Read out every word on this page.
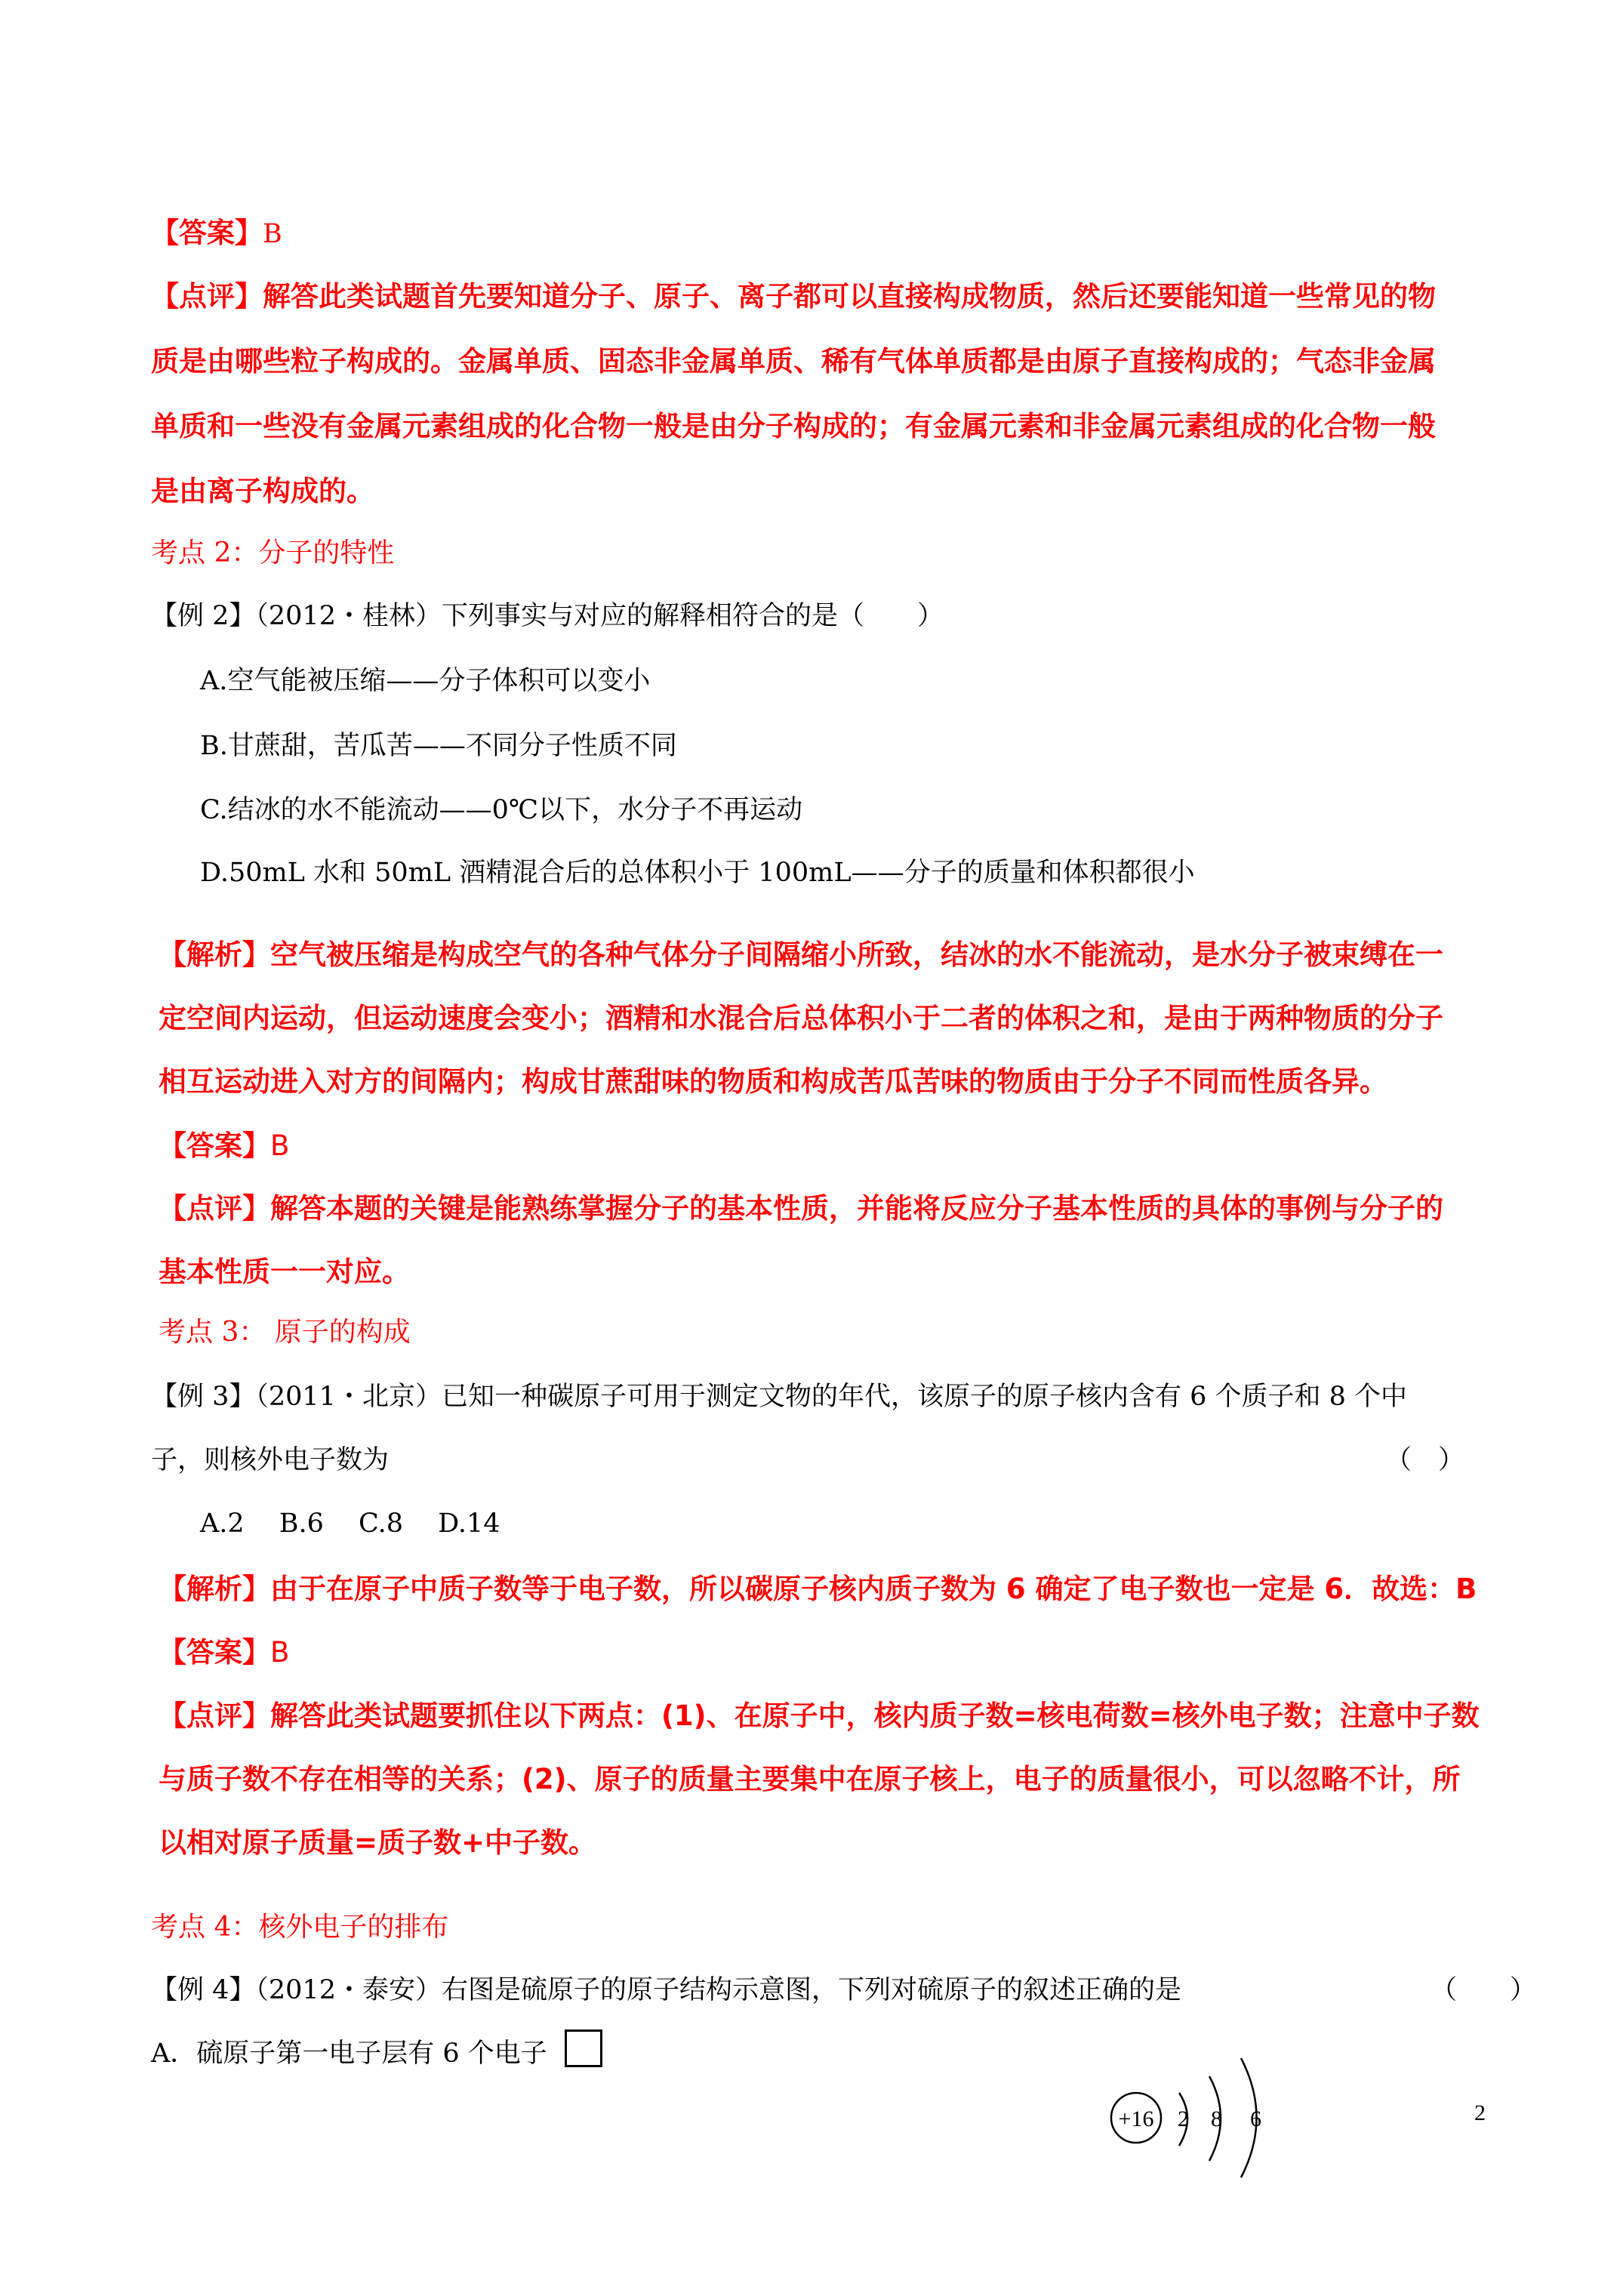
【答案】B
【点评】解答此类试题首先要知道分子、原子、离子都可以直接构成物质，然后还要能知道一些常见的物
质是由哪些粒子构成的。金属单质、固态非金属单质、稀有气体单质都是由原子直接构成的；气态非金属
单质和一些没有金属元素组成的化合物一般是由分子构成的；有金属元素和非金属元素组成的化合物一般
是由离子构成的。
考点 2：分子的特性
【例 2】（2012・桂林）下列事实与对应的解释相符合的是（　　）
A.空气能被压缩——分子体积可以变小
B.甘蔗甜，苦瓜苦——不同分子性质不同
C.结冰的水不能流动——0℃以下，水分子不再运动
D.50mL 水和 50mL 酒精混合后的总体积小于 100mL——分子的质量和体积都很小
【解析】空气被压缩是构成空气的各种气体分子间隔缩小所致，结冰的水不能流动，是水分子被束缚在一
定空间内运动，但运动速度会变小；酒精和水混合后总体积小于二者的体积之和，是由于两种物质的分子
相互运动进入对方的间隔内；构成甘蔗甜味的物质和构成苦瓜苦味的物质由于分子不同而性质各异。
【答案】B
【点评】解答本题的关键是能熟练掌握分子的基本性质，并能将反应分子基本性质的具体的事例与分子的
基本性质一一对应。
考点 3： 原子的构成
【例 3】（2011・北京）已知一种碳原子可用于测定文物的年代，该原子的原子核内含有 6 个质子和 8 个中
子，则核外电子数为	（　）
A.2　 B.6　 C.8　 D.14
【解析】由于在原子中质子数等于电子数，所以碳原子核内质子数为 6 确定了电子数也一定是 6．故选：B
【答案】B
【点评】解答此类试题要抓住以下两点：(1)、在原子中，核内质子数=核电荷数=核外电子数；注意中子数
与质子数不存在相等的关系；(2)、原子的质量主要集中在原子核上，电子的质量很小，可以忽略不计，所
以相对原子质量=质子数+中子数。
考点 4：核外电子的排布
【例 4】（2012・泰安）右图是硫原子的原子结构示意图，下列对硫原子的叙述正确的是	（　　）
A．硫原子第一电子层有 6 个电子
+16 2 8 6	2
